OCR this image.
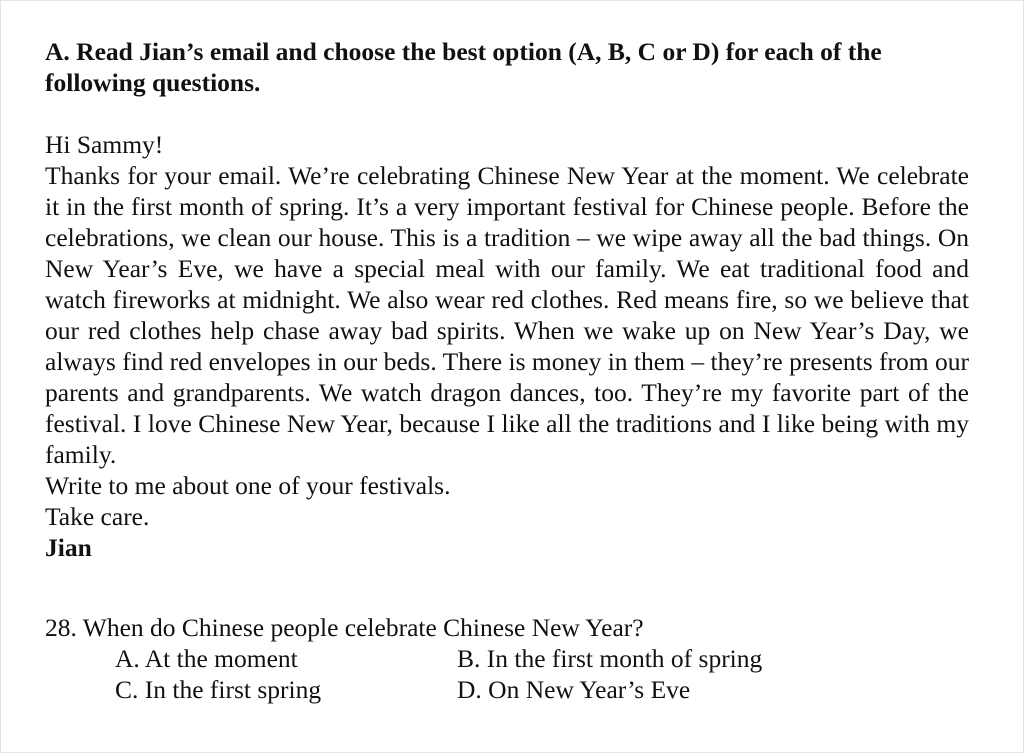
A. Read Jian’s email and choose the best option (A, B, C or D) for each of the following questions.

Hi Sammy!

Thanks for your email. We’re celebrating Chinese New Year at the moment. We celebrate it in the first month of spring. It’s a very important festival for Chinese people. Before the celebrations, we clean our house. This is a tradition – we wipe away all the bad things. On New Year’s Eve, we have a special meal with our family. We eat traditional food and watch fireworks at midnight. We also wear red clothes. Red means fire, so we believe that our red clothes help chase away bad spirits. When we wake up on New Year’s Day, we always find red envelopes in our beds. There is money in them – they’re presents from our parents and grandparents. We watch dragon dances, too. They’re my favorite part of the festival. I love Chinese New Year, because I like all the traditions and I like being with my family.

Write to me about one of your festivals.

Take care.

Jian

28. When do Chinese people celebrate Chinese New Year?

A. At the moment	B. In the first month of spring
C. In the first spring	D. On New Year’s Eve
